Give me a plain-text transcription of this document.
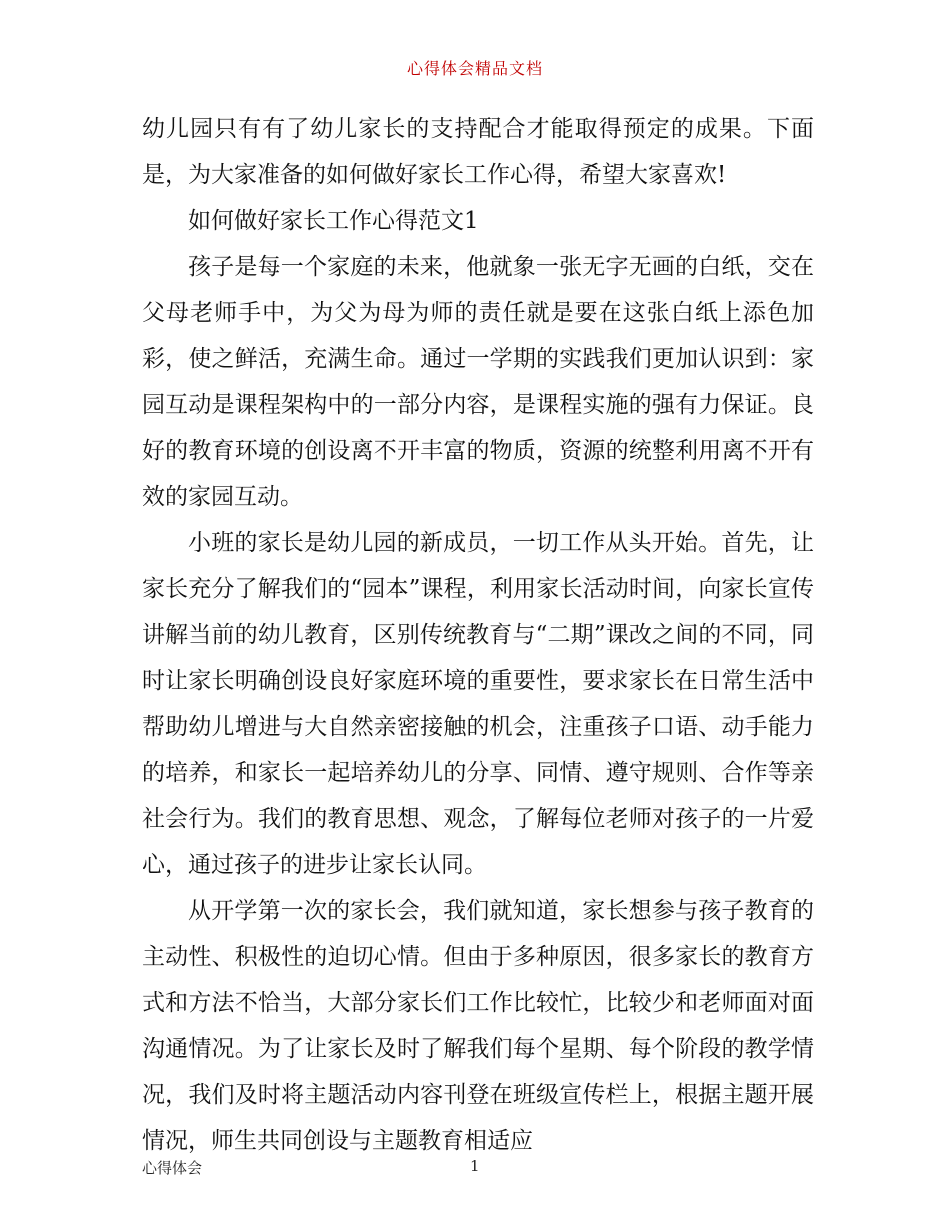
心得体会精品文档

幼儿园只有有了幼儿家长的支持配合才能取得预定的成果。下面是，为大家准备的如何做好家长工作心得，希望大家喜欢!

如何做好家长工作心得范文1

孩子是每一个家庭的未来，他就象一张无字无画的白纸，交在父母老师手中，为父为母为师的责任就是要在这张白纸上添色加彩，使之鲜活，充满生命。通过一学期的实践我们更加认识到：家园互动是课程架构中的一部分内容，是课程实施的强有力保证。良好的教育环境的创设离不开丰富的物质，资源的统整利用离不开有效的家园互动。

小班的家长是幼儿园的新成员，一切工作从头开始。首先，让家长充分了解我们的“园本”课程，利用家长活动时间，向家长宣传讲解当前的幼儿教育，区别传统教育与“二期”课改之间的不同，同时让家长明确创设良好家庭环境的重要性，要求家长在日常生活中帮助幼儿增进与大自然亲密接触的机会，注重孩子口语、动手能力的培养，和家长一起培养幼儿的分享、同情、遵守规则、合作等亲社会行为。我们的教育思想、观念，了解每位老师对孩子的一片爱心，通过孩子的进步让家长认同。

从开学第一次的家长会，我们就知道，家长想参与孩子教育的主动性、积极性的迫切心情。但由于多种原因，很多家长的教育方式和方法不恰当，大部分家长们工作比较忙，比较少和老师面对面沟通情况。为了让家长及时了解我们每个星期、每个阶段的教学情况，我们及时将主题活动内容刊登在班级宣传栏上，根据主题开展情况，师生共同创设与主题教育相适应

心得体会	1
